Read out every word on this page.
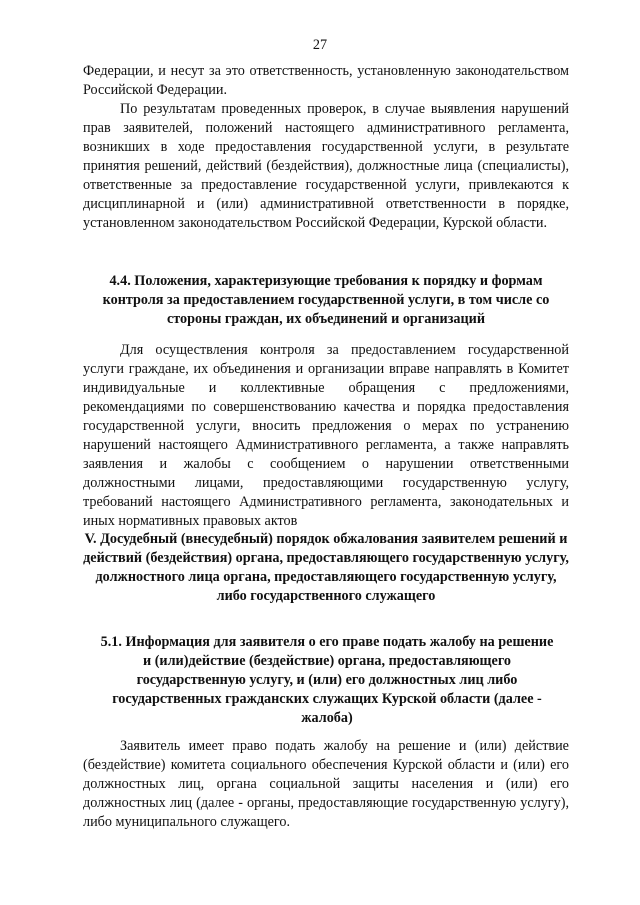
27

Федерации, и несут за это ответственность, установленную законодательством Российской Федерации.

По результатам проведенных проверок, в случае выявления нарушений прав заявителей, положений настоящего административного регламента, возникших в ходе предоставления государственной услуги, в результате принятия решений, действий (бездействия), должностные лица (специалисты), ответственные за предоставление государственной услуги, привлекаются к дисциплинарной и (или) административной ответственности в порядке, установленном законодательством Российской Федерации, Курской области.

4.4. Положения, характеризующие требования к порядку и формам контроля за предоставлением государственной услуги, в том числе со стороны граждан, их объединений и организаций

Для осуществления контроля за предоставлением государственной услуги граждане, их объединения и организации вправе направлять в Комитет индивидуальные и коллективные обращения с предложениями, рекомендациями по совершенствованию качества и порядка предоставления государственной услуги, вносить предложения о мерах по устранению нарушений настоящего Административного регламента, а также направлять заявления и жалобы с сообщением о нарушении ответственными должностными лицами, предоставляющими государственную услугу, требований настоящего Административного регламента, законодательных и иных нормативных правовых актов

V. Досудебный (внесудебный) порядок обжалования заявителем решений и действий (бездействия) органа, предоставляющего государственную услугу, должностного лица органа, предоставляющего государственную услугу, либо государственного служащего

5.1. Информация для заявителя о его праве подать жалобу на решение и (или)действие (бездействие) органа, предоставляющего государственную услугу, и (или) его должностных лиц либо государственных гражданских служащих Курской области (далее - жалоба)

Заявитель имеет право подать жалобу на решение и (или) действие (бездействие) комитета социального обеспечения Курской области и (или) его должностных лиц, органа социальной защиты населения и (или) его должностных лиц (далее - органы, предоставляющие государственную услугу), либо муниципального служащего.
